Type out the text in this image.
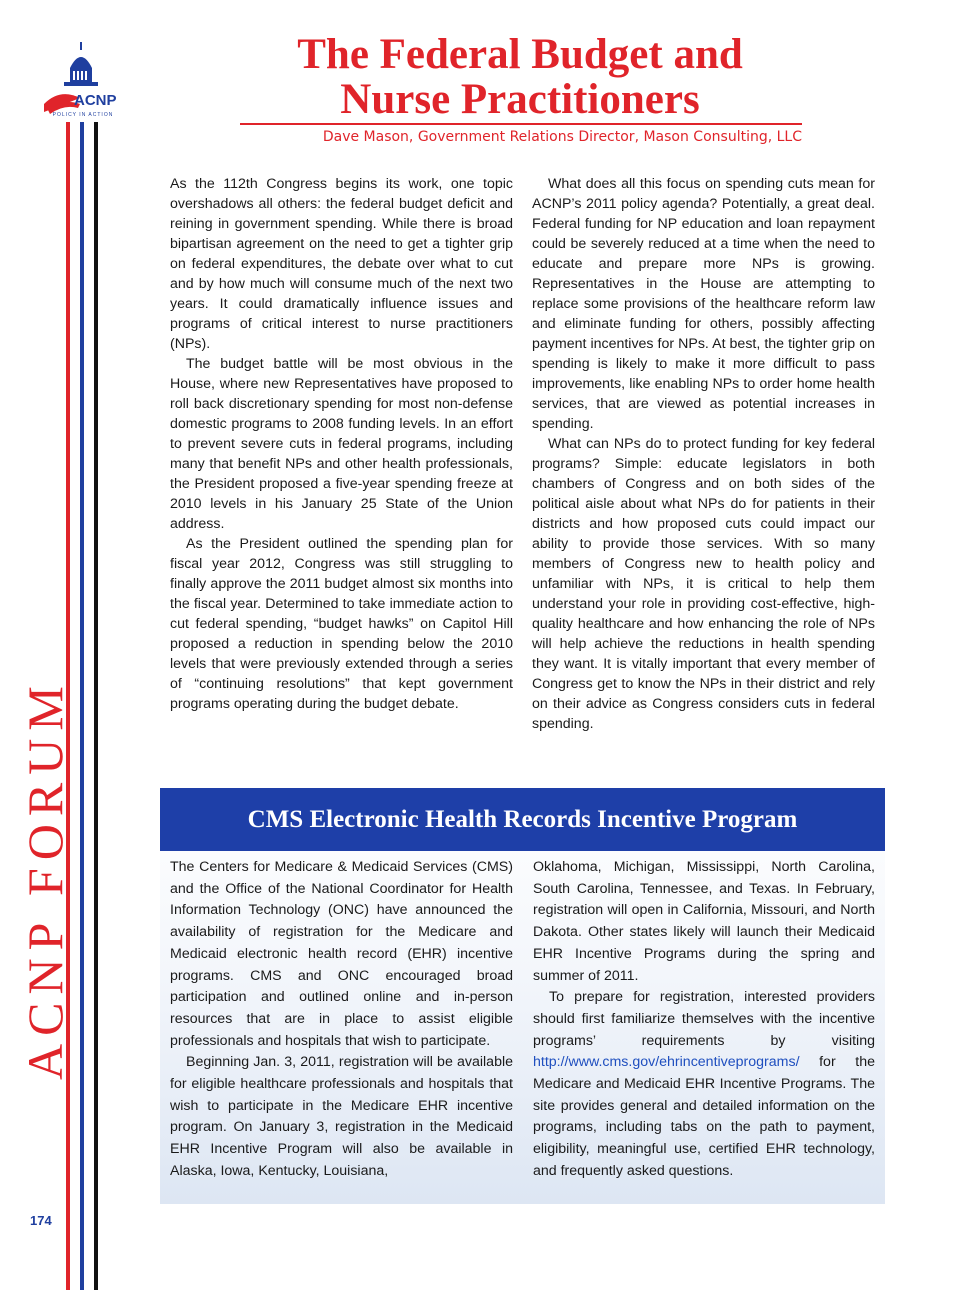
ACNP
POLICY IN ACTION
ACNP FORUM
174
The Federal Budget and
Nurse Practitioners
Dave Mason, Government Relations Director, Mason Consulting, LLC

As the 112th Congress begins its work, one topic overshadows all others: the federal budget deficit and reining in government spending. While there is broad bipartisan agreement on the need to get a tighter grip on federal expenditures, the debate over what to cut and by how much will consume much of the next two years. It could dramatically influence issues and programs of critical interest to nurse practitioners (NPs).

The budget battle will be most obvious in the House, where new Representatives have proposed to roll back discretionary spending for most non-defense domestic programs to 2008 funding levels. In an effort to prevent severe cuts in federal programs, including many that benefit NPs and other health professionals, the President proposed a five-year spending freeze at 2010 levels in his January 25 State of the Union address.

As the President outlined the spending plan for fiscal year 2012, Congress was still struggling to finally approve the 2011 budget almost six months into the fiscal year. Determined to take immediate action to cut federal spending, “budget hawks” on Capitol Hill proposed a reduction in spending below the 2010 levels that were previously extended through a series of “continuing resolutions” that kept government programs operating during the budget debate.

What does all this focus on spending cuts mean for ACNP’s 2011 policy agenda? Potentially, a great deal. Federal funding for NP education and loan repayment could be severely reduced at a time when the need to educate and prepare more NPs is growing. Representatives in the House are attempting to replace some provisions of the healthcare reform law and eliminate funding for others, possibly affecting payment incentives for NPs. At best, the tighter grip on spending is likely to make it more difficult to pass improvements, like enabling NPs to order home health services, that are viewed as potential increases in spending.

What can NPs do to protect funding for key federal programs? Simple: educate legislators in both chambers of Congress and on both sides of the political aisle about what NPs do for patients in their districts and how proposed cuts could impact our ability to provide those services. With so many members of Congress new to health policy and unfamiliar with NPs, it is critical to help them understand your role in providing cost-effective, high-quality healthcare and how enhancing the role of NPs will help achieve the reductions in health spending they want. It is vitally important that every member of Congress get to know the NPs in their district and rely on their advice as Congress considers cuts in federal spending.

CMS Electronic Health Records Incentive Program

The Centers for Medicare & Medicaid Services (CMS) and the Office of the National Coordinator for Health Information Technology (ONC) have announced the availability of registration for the Medicare and Medicaid electronic health record (EHR) incentive programs. CMS and ONC encouraged broad participation and outlined online and in-person resources that are in place to assist eligible professionals and hospitals that wish to participate.

Beginning Jan. 3, 2011, registration will be available for eligible healthcare professionals and hospitals that wish to participate in the Medicare EHR incentive program. On January 3, registration in the Medicaid EHR Incentive Program will also be available in Alaska, Iowa, Kentucky, Louisiana,

Oklahoma, Michigan, Mississippi, North Carolina, South Carolina, Tennessee, and Texas. In February, registration will open in California, Missouri, and North Dakota. Other states likely will launch their Medicaid EHR Incentive Programs during the spring and summer of 2011.

To prepare for registration, interested providers should first familiarize themselves with the incentive programs’ requirements by visiting http://www.cms.gov/ehrincentiveprograms/ for the Medicare and Medicaid EHR Incentive Programs. The site provides general and detailed information on the programs, including tabs on the path to payment, eligibility, meaningful use, certified EHR technology, and frequently asked questions.
